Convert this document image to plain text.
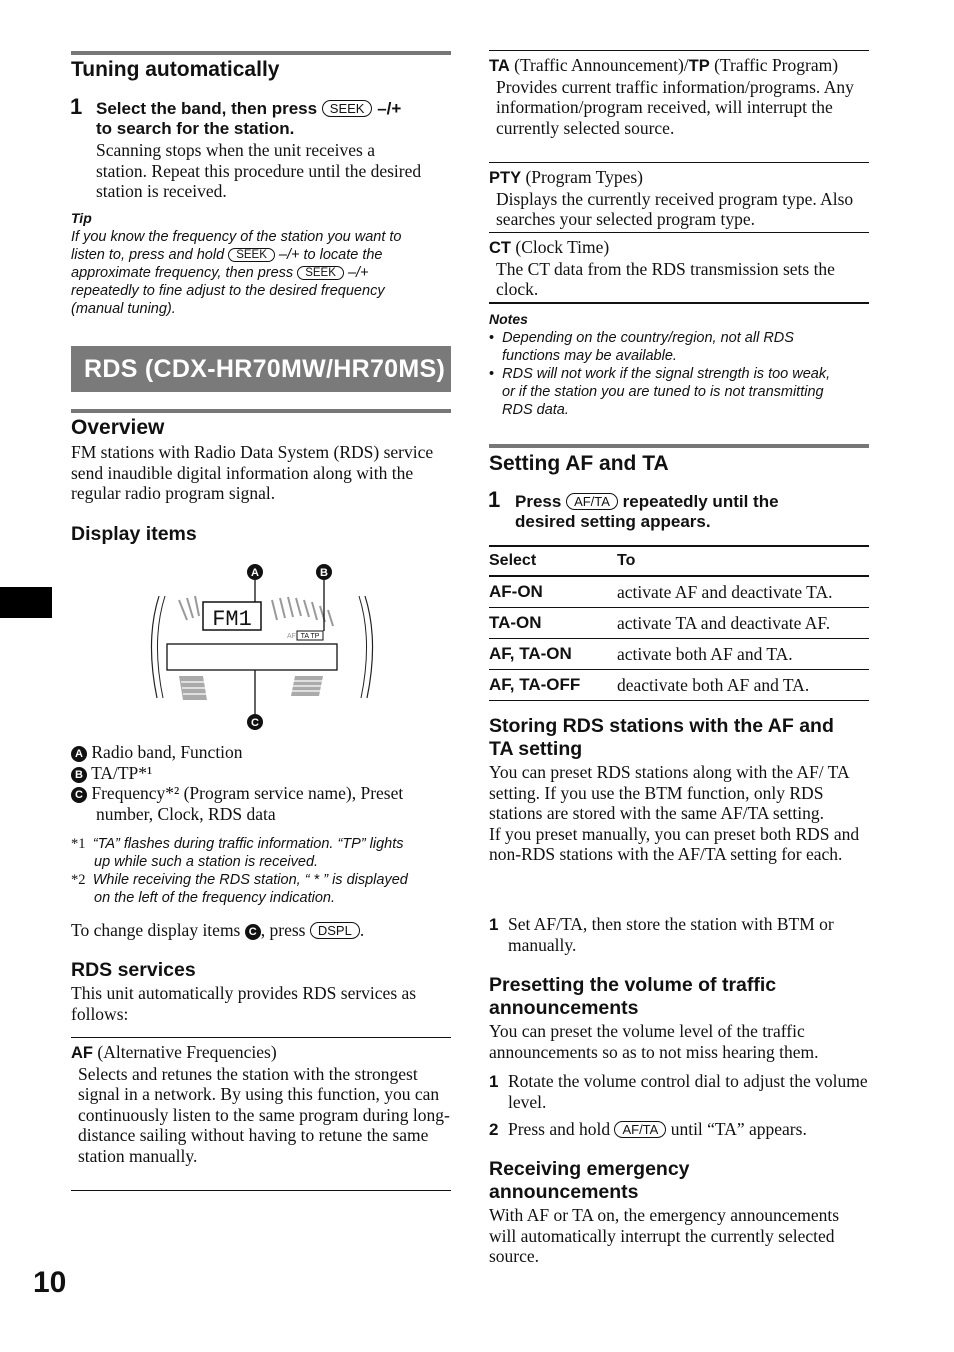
10
Tuning automatically
1 Select the band, then press SEEK –/+
to search for the station.
Scanning stops when the unit receives a station. Repeat this procedure until the desired station is received.
Tip
If you know the frequency of the station you want to
listen to, press and hold SEEK –/+ to locate the
approximate frequency, then press SEEK –/+
repeatedly to fine adjust to the desired frequency
(manual tuning).
RDS (CDX-HR70MW/HR70MS)
Overview
FM stations with Radio Data System (RDS) service send inaudible digital information along with the regular radio program signal.
Display items
FM1
AF TA TP
A	B
C
A Radio band, Function
B TA/TP*¹
C Frequency*² (Program service name), Preset
number, Clock, RDS data
*1 “TA” flashes during traffic information. “TP” lights
up while such a station is received.
*2 While receiving the RDS station, “ * ” is displayed
on the left of the frequency indication.
To change display items C , press DSPL .
RDS services
This unit automatically provides RDS services as follows:
AF (Alternative Frequencies)
Selects and retunes the station with the strongest signal in a network. By using this function, you can continuously listen to the same program during long-distance sailing without having to retune the same station manually.
TA (Traffic Announcement)/TP (Traffic Program)
Provides current traffic information/programs. Any information/program received, will interrupt the currently selected source.
PTY (Program Types)
Displays the currently received program type. Also searches your selected program type.
CT (Clock Time)
The CT data from the RDS transmission sets the clock.
Notes
• Depending on the country/region, not all RDS
functions may be available.
• RDS will not work if the signal strength is too weak,
or if the station you are tuned to is not transmitting
RDS data.
Setting AF and TA
1 Press AF/TA repeatedly until the
desired setting appears.
Select	To
AF-ON	activate AF and deactivate TA.
TA-ON	activate TA and deactivate AF.
AF, TA-ON	activate both AF and TA.
AF, TA-OFF	deactivate both AF and TA.
Storing RDS stations with the AF and
TA setting
You can preset RDS stations along with the AF/ TA setting. If you use the BTM function, only RDS stations are stored with the same AF/TA setting.
If you preset manually, you can preset both RDS and non-RDS stations with the AF/TA setting for each.
1 Set AF/TA, then store the station with BTM or manually.
Presetting the volume of traffic
announcements
You can preset the volume level of the traffic announcements so as to not miss hearing them.
1 Rotate the volume control dial to adjust the volume level.
2 Press and hold AF/TA until “TA” appears.
Receiving emergency
announcements
With AF or TA on, the emergency announcements will automatically interrupt the currently selected source.
